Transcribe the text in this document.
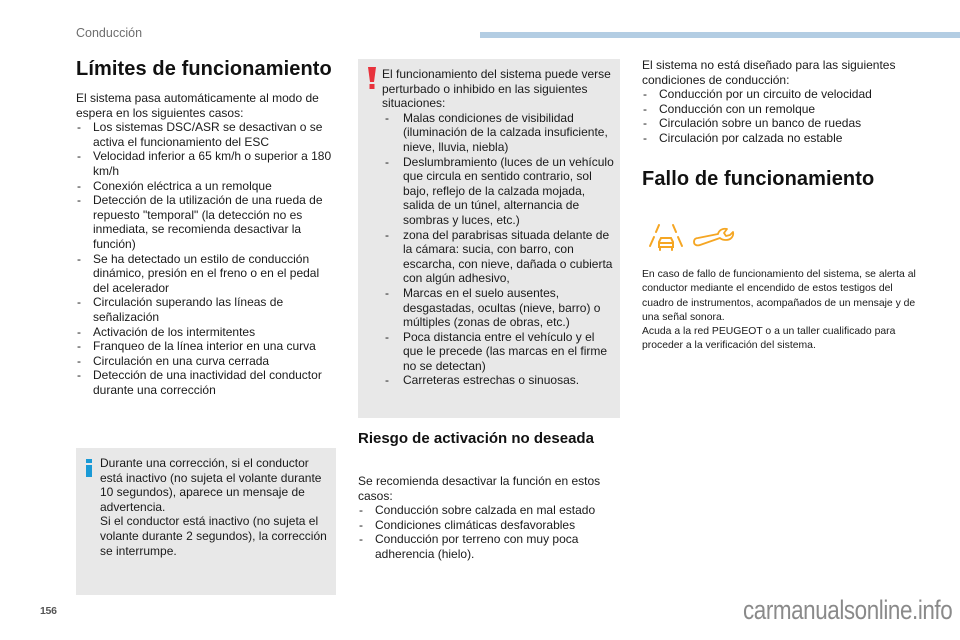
Conducción
Límites de funcionamiento

El sistema pasa automáticamente al modo de espera en los siguientes casos:

- Los sistemas DSC/ASR se desactivan o se activa el funcionamiento del ESC
- Velocidad inferior a 65 km/h o superior a 180 km/h
- Conexión eléctrica a un remolque
- Detección de la utilización de una rueda de repuesto "temporal" (la detección no es inmediata, se recomienda desactivar la función)
- Se ha detectado un estilo de conducción dinámico, presión en el freno o en el pedal del acelerador
- Circulación superando las líneas de señalización
- Activación de los intermitentes
- Franqueo de la línea interior en una curva
- Circulación en una curva cerrada
- Detección de una inactividad del conductor durante una corrección

Durante una corrección, si el conductor está inactivo (no sujeta el volante durante 10 segundos), aparece un mensaje de advertencia.

Si el conductor está inactivo (no sujeta el volante durante 2 segundos), la corrección se interrumpe.

El funcionamiento del sistema puede verse perturbado o inhibido en las siguientes situaciones:

- Malas condiciones de visibilidad (iluminación de la calzada insuficiente, nieve, lluvia, niebla)
- Deslumbramiento (luces de un vehículo que circula en sentido contrario, sol bajo, reflejo de la calzada mojada, salida de un túnel, alternancia de sombras y luces, etc.)
- zona del parabrisas situada delante de la cámara: sucia, con barro, con escarcha, con nieve, dañada o cubierta con algún adhesivo,
- Marcas en el suelo ausentes, desgastadas, ocultas (nieve, barro) o múltiples (zonas de obras, etc.)
- Poca distancia entre el vehículo y el que le precede (las marcas en el firme no se detectan)
- Carreteras estrechas o sinuosas.
Riesgo de activación no deseada

Se recomienda desactivar la función en estos casos:

- Conducción sobre calzada en mal estado
- Condiciones climáticas desfavorables
- Conducción por terreno con muy poca adherencia (hielo).

El sistema no está diseñado para las siguientes condiciones de conducción:

- Conducción por un circuito de velocidad
- Conducción con un remolque
- Circulación sobre un banco de ruedas
- Circulación por calzada no estable
Fallo de funcionamiento

En caso de fallo de funcionamiento del sistema, se alerta al conductor mediante el encendido de estos testigos del cuadro de instrumentos, acompañados de un mensaje y de una señal sonora.

Acuda a la red PEUGEOT o a un taller cualificado para proceder a la verificación del sistema.

156	carmanualsonline.info
